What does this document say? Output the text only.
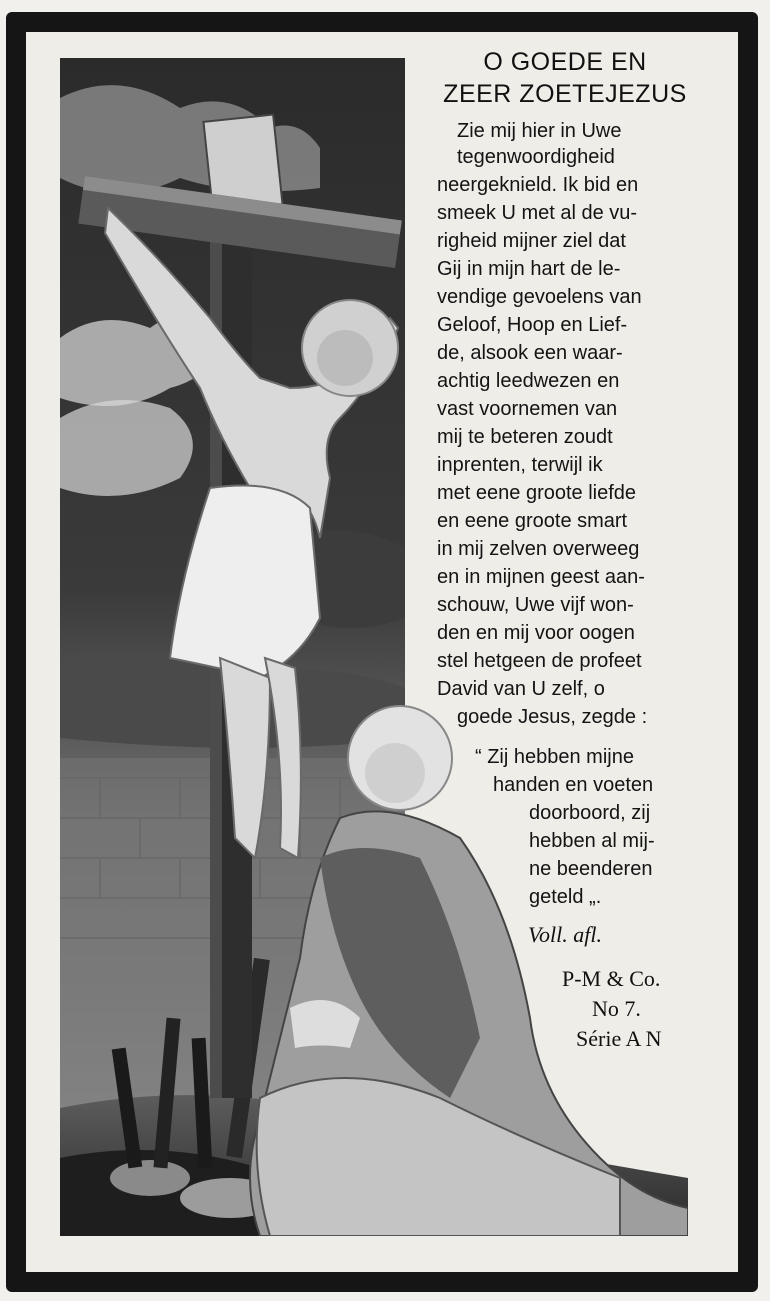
O GOEDE EN
ZEER ZOETEJEZUS
Zie mij hier in Uwe
tegenwoordigheid
neergeknield. Ik bid en
smeek U met al de vu-
righeid mijner ziel dat
Gij in mijn hart de le-
vendige gevoelens van
Geloof, Hoop en Lief-
de, alsook een waar-
achtig leedwezen en
vast voornemen van
mij te beteren zoudt
inprenten, terwijl ik
met eene groote liefde
en eene groote smart
in mij zelven overweeg
en in mijnen geest aan-
schouw, Uwe vijf won-
den en mij voor oogen
stel hetgeen de profeet
David van U zelf, o
goede Jesus, zegde :
“ Zij hebben mijne
handen en voeten
doorboord, zij
hebben al mij-
ne beenderen
geteld „.
Voll. afl.
P-M & Co.
No 7.
Série A N
